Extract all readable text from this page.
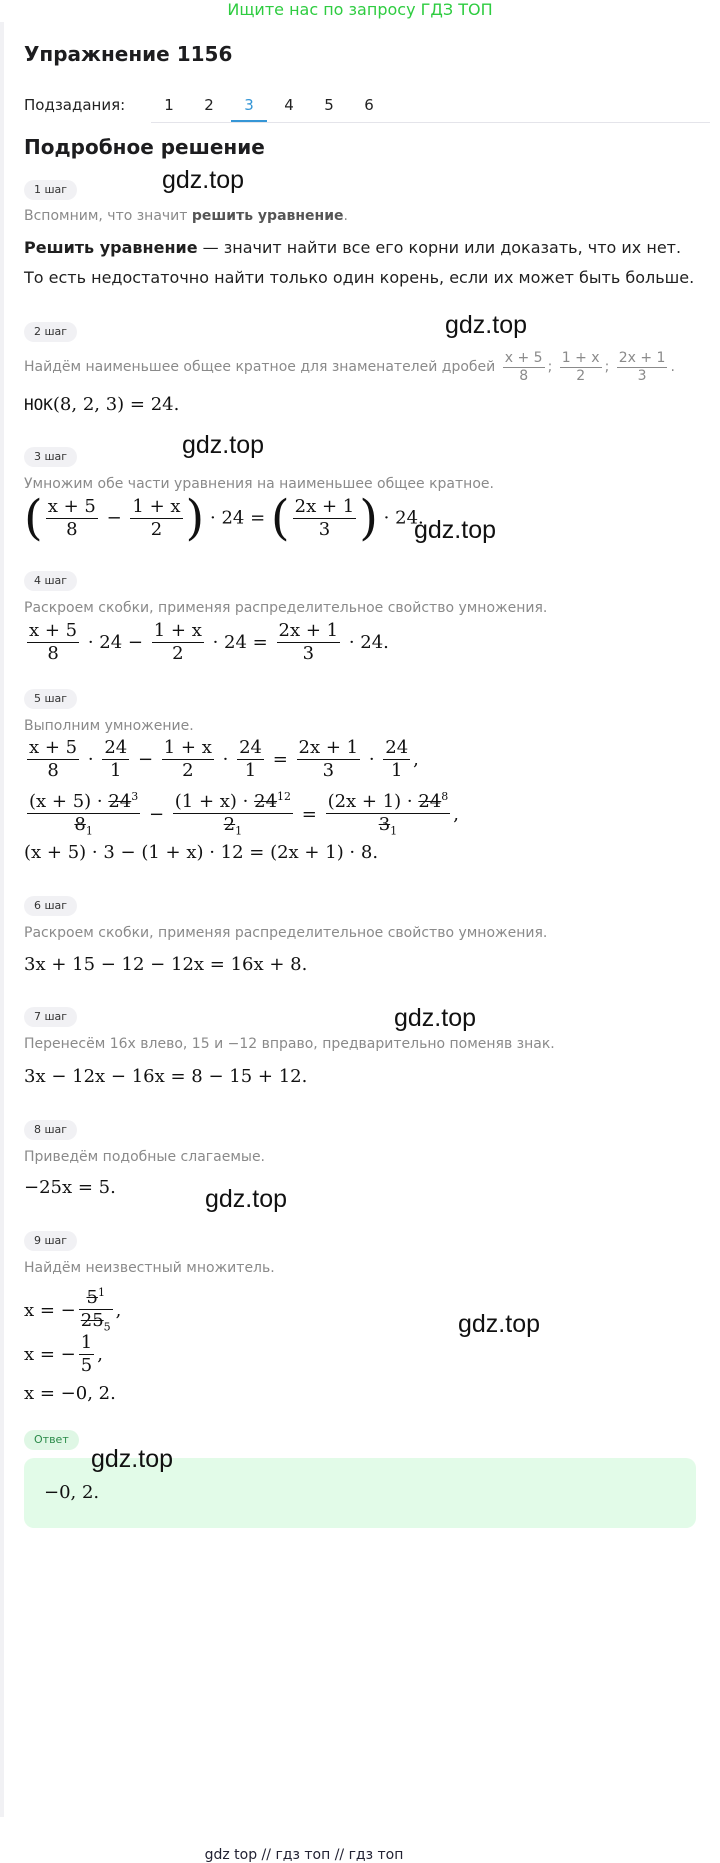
Ищите нас по запросу ГДЗ ТОП
Упражнение 1156
Подзадания:	1	2	3	4	5	6
Подробное решение
1 шаг
Вспомним, что значит решить уравнение.
Решить уравнение — значит найти все его корни или доказать, что их нет. То есть недостаточно найти только один корень, если их может быть больше.
2 шаг
Найдём наименьшее общее кратное для знаменателей дробей $\frac{x + 5}{8}$ ; $\frac{1 + x}{2}$ ; $\frac{2x + 1}{3}$ .
НОК(8, 2, 3) = 24.
3 шаг
Умножим обе части уравнения на наименьшее общее кратное.
( $\frac{x + 5}{8} - \frac{1 + x}{2}$ ) · 24 = ( $\frac{2x + 1}{3}$ ) · 24.
4 шаг
Раскроем скобки, применяя распределительное свойство умножения.
$\frac{x + 5}{8} \cdot 24 - \frac{1 + x}{2} \cdot 24 = \frac{2x + 1}{3} \cdot 24$.
5 шаг
Выполним умножение.
$\frac{x + 5}{8} \cdot \frac{24}{1} - \frac{1 + x}{2} \cdot \frac{24}{1} = \frac{2x + 1}{3} \cdot \frac{24}{1}$ ,
$\frac{(x + 5) \cdot 24^3}{8_1} - \frac{(1 + x) \cdot 24^{12}}{2_1} = \frac{(2x + 1) \cdot 24^8}{3_1}$ ,
(x + 5) · 3 − (1 + x) · 12 = (2x + 1) · 8.
6 шаг
Раскроем скобки, применяя распределительное свойство умножения.
3x + 15 − 12 − 12x = 16x + 8.
7 шаг
Перенесём 16x влево, 15 и −12 вправо, предварительно поменяв знак.
3x − 12x − 16x = 8 − 15 + 12.
8 шаг
Приведём подобные слагаемые.
−25x = 5.
9 шаг
Найдём неизвестный множитель.
x = − $\frac{5^1}{25_5}$ ,
x = − $\frac{1}{5}$ ,
x = −0, 2.
Ответ
−0, 2.
gdz.top
gdz.top
gdz.top
gdz.top
gdz.top
gdz.top
gdz.top
gdz.top
gdz top // гдз топ // гдз топ
